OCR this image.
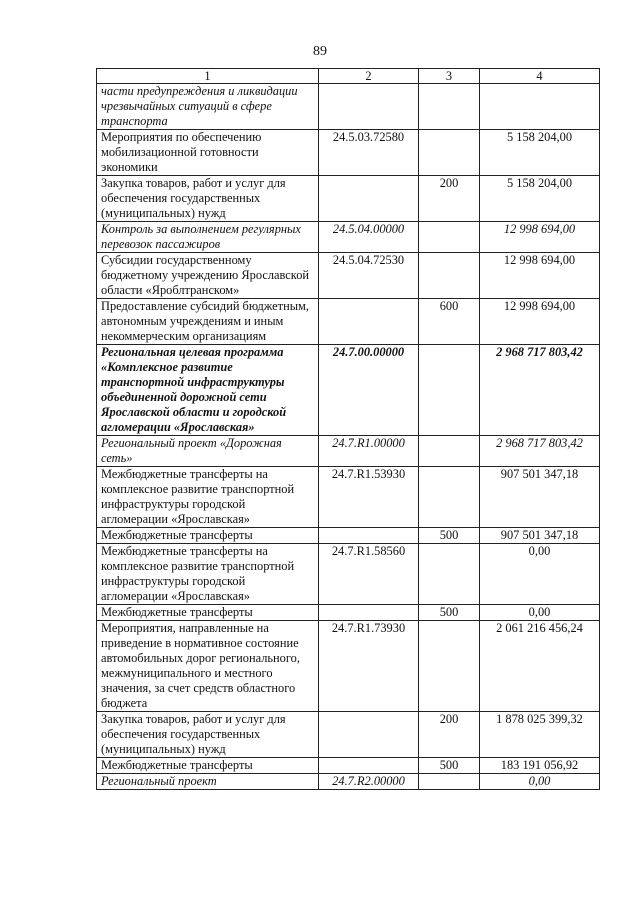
89
1	2	3	4
части предупреждения и ликвидации чрезвычайных ситуаций в сфере транспорта			
Мероприятия по обеспечению мобилизационной готовности экономики	24.5.03.72580		5 158 204,00
Закупка товаров, работ и услуг для обеспечения государственных (муниципальных) нужд		200	5 158 204,00
Контроль за выполнением регулярных перевозок пассажиров	24.5.04.00000		12 998 694,00
Субсидии государственному бюджетному учреждению Ярославской области «Яроблтранском»	24.5.04.72530		12 998 694,00
Предоставление субсидий бюджетным, автономным учреждениям и иным некоммерческим организациям		600	12 998 694,00
Региональная целевая программа «Комплексное развитие транспортной инфраструктуры объединенной дорожной сети Ярославской области и городской агломерации «Ярославская»	24.7.00.00000		2 968 717 803,42
Региональный проект «Дорожная сеть»	24.7.R1.00000		2 968 717 803,42
Межбюджетные трансферты на комплексное развитие транспортной инфраструктуры городской агломерации «Ярославская»	24.7.R1.53930		907 501 347,18
Межбюджетные трансферты		500	907 501 347,18
Межбюджетные трансферты на комплексное развитие транспортной инфраструктуры городской агломерации «Ярославская»	24.7.R1.58560		0,00
Межбюджетные трансферты		500	0,00
Мероприятия, направленные на приведение в нормативное состояние автомобильных дорог регионального, межмуниципального и местного значения, за счет средств областного бюджета	24.7.R1.73930		2 061 216 456,24
Закупка товаров, работ и услуг для обеспечения государственных (муниципальных) нужд		200	1 878 025 399,32
Межбюджетные трансферты		500	183 191 056,92
Региональный проект	24.7.R2.00000		0,00
